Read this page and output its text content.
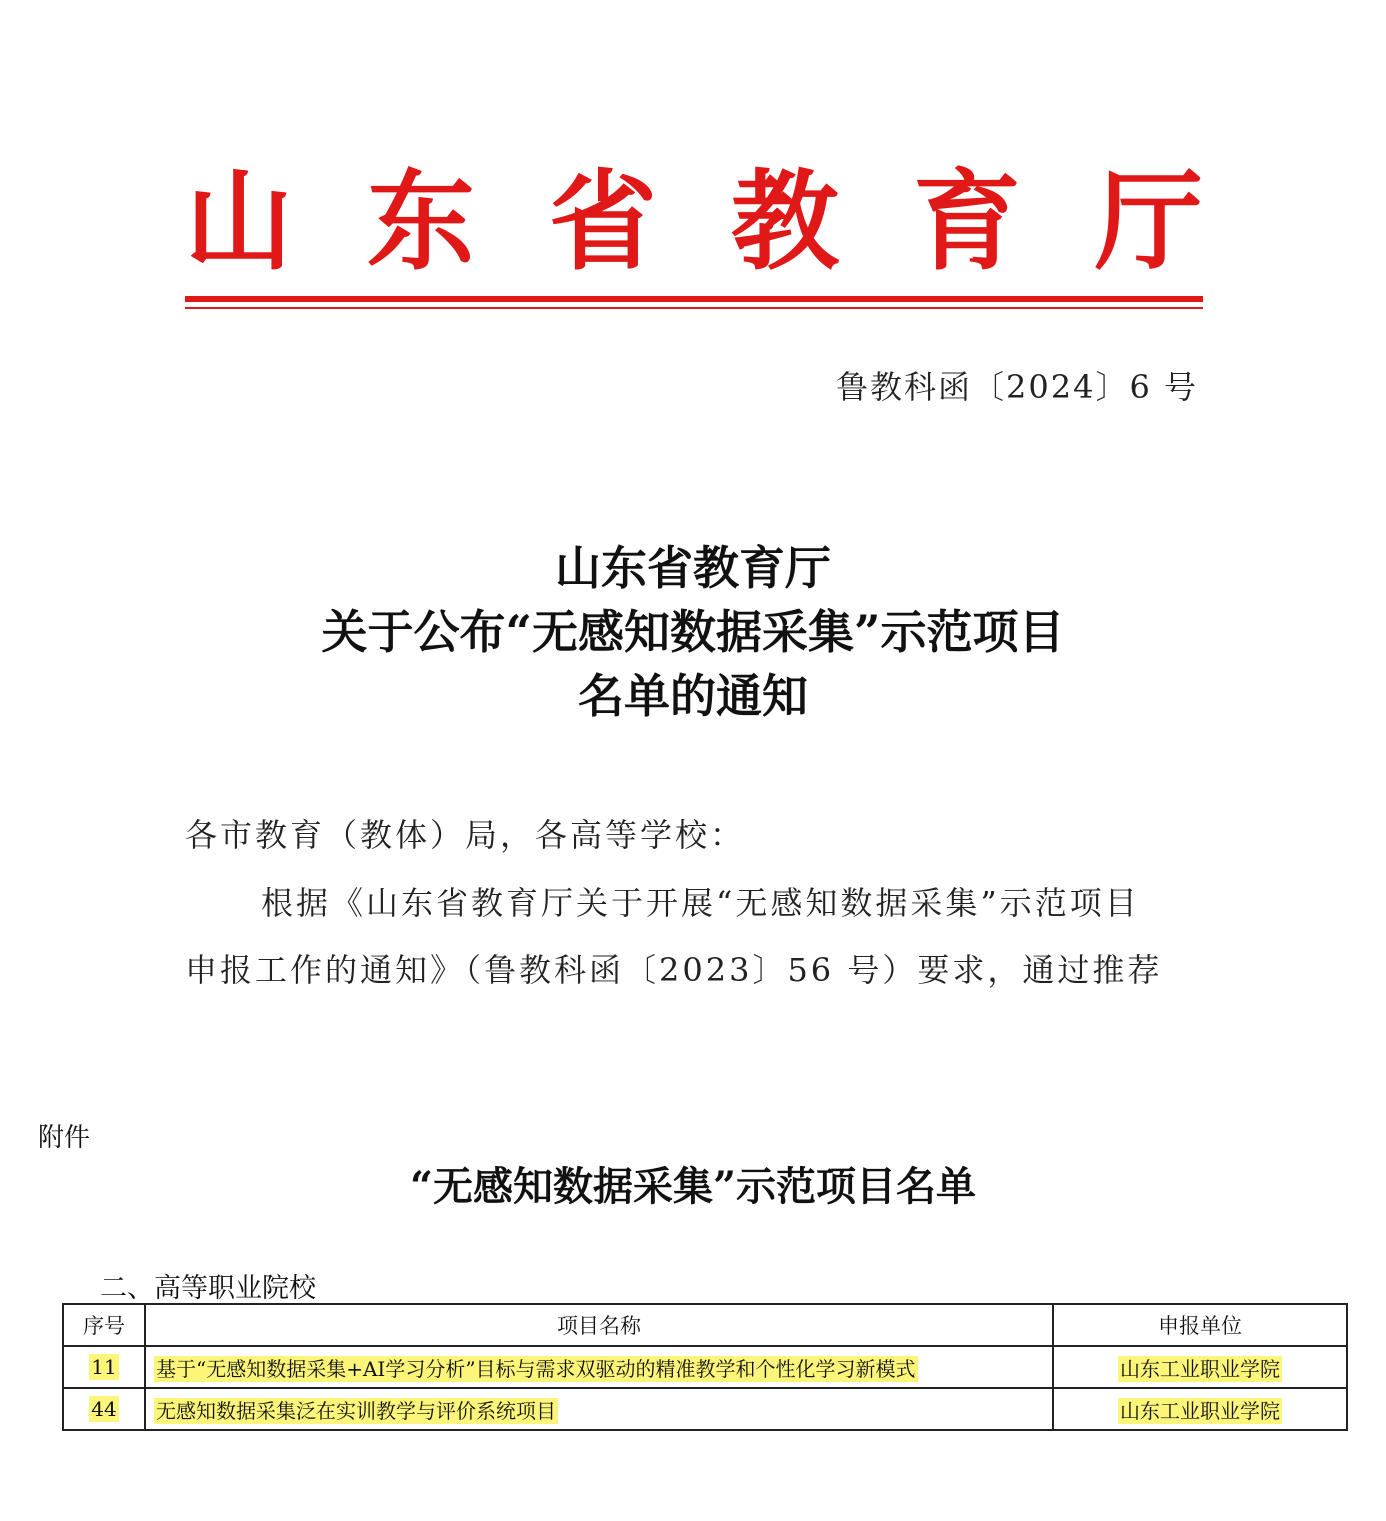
山 东 省 教 育 厅
鲁教科函〔2024〕6 号
山东省教育厅
关于公布“无感知数据采集”示范项目
名单的通知
各市教育（教体）局，各高等学校：
根据《山东省教育厅关于开展“无感知数据采集”示范项目
申报工作的通知》（鲁教科函〔2023〕56 号）要求，通过推荐
附件
“无感知数据采集”示范项目名单
二、高等职业院校
序号	项目名称	申报单位
11	基于“无感知数据采集+AI学习分析”目标与需求双驱动的精准教学和个性化学习新模式	山东工业职业学院
44	无感知数据采集泛在实训教学与评价系统项目	山东工业职业学院
